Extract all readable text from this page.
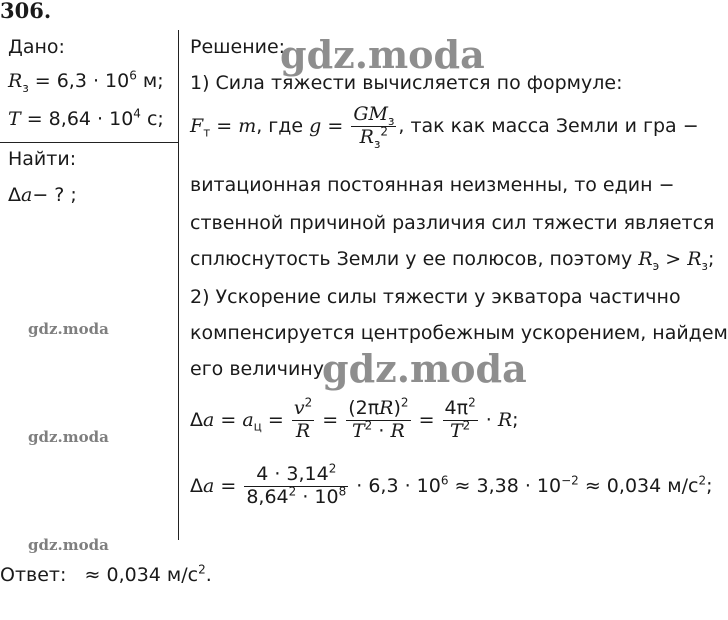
306.
Дано:
$R_з = 6,3 \cdot 10^6$ м;
$T = 8,64 \cdot 10^4$ с;
Найти:
Δa− ? ;
Решение:
1) Сила тяжести вычисляется по формуле:
$F_т = m$, где $g = \frac{GM_з}{R_з^2}$ , так как масса Земли и гра −
витационная постоянная неизменны, то един −
ственной причиной различия сил тяжести является
сплюснутость Земли у ее полюсов, поэтому $R_э > R_з$;
2) Ускорение силы тяжести у экватора частично
компенсируется центробежным ускорением, найдем
его величину:
$\Delta a = a_ц = \frac{v^2}{R} = \frac{(2\pi R)^2}{T^2 \cdot R} = \frac{4\pi^2}{T^2} \cdot R$;
$\Delta a = \frac{4 \cdot 3,14^2}{8,64^2 \cdot 10^8} \cdot 6,3 \cdot 10^6 \approx 3,38 \cdot 10^{-2} \approx 0,034$ $м/с^2$;
Ответ: ≈ 0,034 $м/с^2$.
gdz.moda
gdz.moda
gdz.moda
gdz.moda
gdz.moda
